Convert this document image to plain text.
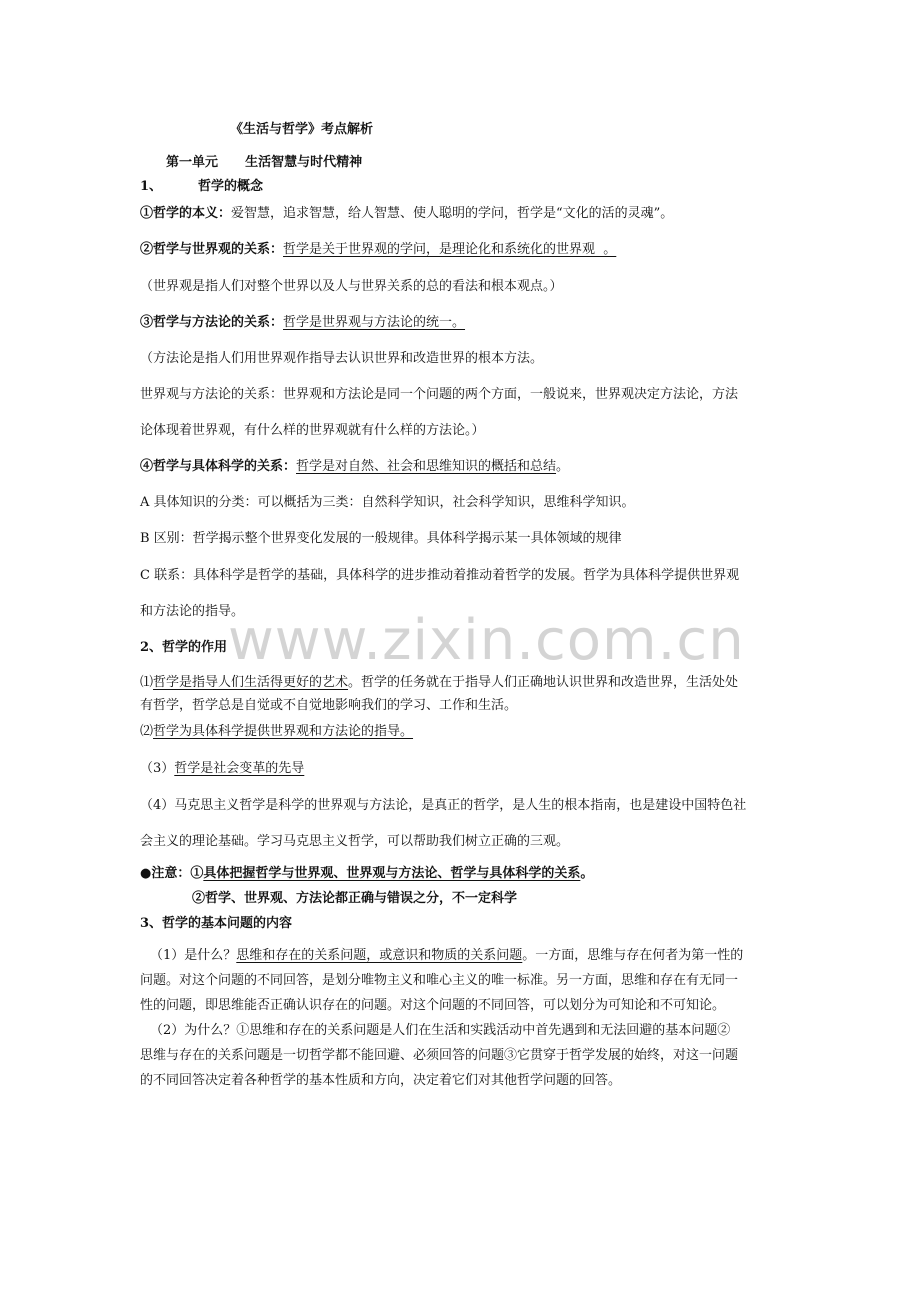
《生活与哲学》考点解析
第一单元      生活智慧与时代精神
1、	哲学的概念
①哲学的本义：爱智慧，追求智慧，给人智慧、使人聪明的学问，哲学是“文化的活的灵魂”。
②哲学与世界观的关系：哲学是关于世界观的学问，是理论化和系统化的世界观  。
（世界观是指人们对整个世界以及人与世界关系的总的看法和根本观点。）
③哲学与方法论的关系：哲学是世界观与方法论的统一。
（方法论是指人们用世界观作指导去认识世界和改造世界的根本方法。
世界观与方法论的关系：世界观和方法论是同一个问题的两个方面，一般说来，世界观决定方法论，方法
论体现着世界观，有什么样的世界观就有什么样的方法论。）
④哲学与具体科学的关系：哲学是对自然、社会和思维知识的概括和总结。
A 具体知识的分类：可以概括为三类：自然科学知识，社会科学知识，思维科学知识。
B 区别：哲学揭示整个世界变化发展的一般规律。具体科学揭示某一具体领域的规律
C 联系：具体科学是哲学的基础，具体科学的进步推动着推动着哲学的发展。哲学为具体科学提供世界观
和方法论的指导。
2、哲学的作用
⑴哲学是指导人们生活得更好的艺术。哲学的任务就在于指导人们正确地认识世界和改造世界，生活处处
有哲学，哲学总是自觉或不自觉地影响我们的学习、工作和生活。
⑵哲学为具体科学提供世界观和方法论的指导。
（3）哲学是社会变革的先导
（4）马克思主义哲学是科学的世界观与方法论，是真正的哲学，是人生的根本指南，也是建设中国特色社
会主义的理论基础。学习马克思主义哲学，可以帮助我们树立正确的三观。
●注意：①具体把握哲学与世界观、世界观与方法论、哲学与具体科学的关系。
②哲学、世界观、方法论都正确与错误之分，不一定科学
3、哲学的基本问题的内容
（1）是什么？思维和存在的关系问题，或意识和物质的关系问题。一方面，思维与存在何者为第一性的
问题。对这个问题的不同回答，是划分唯物主义和唯心主义的唯一标准。另一方面，思维和存在有无同一
性的问题，即思维能否正确认识存在的问题。对这个问题的不同回答，可以划分为可知论和不可知论。
（2）为什么？①思维和存在的关系问题是人们在生活和实践活动中首先遇到和无法回避的基本问题②
思维与存在的关系问题是一切哲学都不能回避、必须回答的问题③它贯穿于哲学发展的始终，对这一问题
的不同回答决定着各种哲学的基本性质和方向，决定着它们对其他哲学问题的回答。
www.zixin.com.cn
